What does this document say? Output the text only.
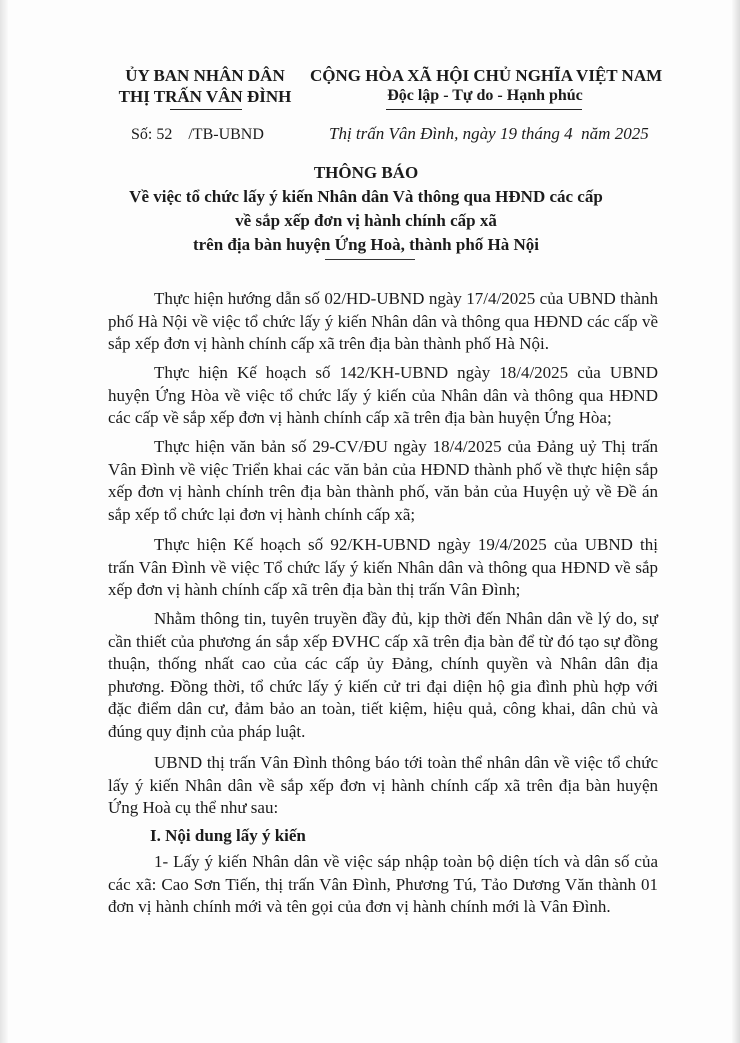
ỦY BAN NHÂN DÂN
THỊ TRẤN VÂN ĐÌNH
CỘNG HÒA XÃ HỘI CHỦ NGHĨA VIỆT NAM
Độc lập - Tự do - Hạnh phúc
Số: 52    /TB-UBND	Thị trấn Vân Đình, ngày 19 tháng 4  năm 2025
THÔNG BÁO
Về việc tổ chức lấy ý kiến Nhân dân Và thông qua HĐND các cấp
về sắp xếp đơn vị hành chính cấp xã
trên địa bàn huyện Ứng Hoà, thành phố Hà Nội

Thực hiện hướng dẫn số 02/HD-UBND ngày 17/4/2025 của UBND thành phố Hà Nội về việc tổ chức lấy ý kiến Nhân dân và thông qua HĐND các cấp về sắp xếp đơn vị hành chính cấp xã trên địa bàn thành phố Hà Nội.

Thực hiện Kế hoạch số 142/KH-UBND ngày 18/4/2025 của UBND huyện Ứng Hòa về việc tổ chức lấy ý kiến của Nhân dân và thông qua HĐND các cấp về sắp xếp đơn vị hành chính cấp xã trên địa bàn huyện Ứng Hòa;

Thực hiện văn bản số 29-CV/ĐU ngày 18/4/2025 của Đảng uỷ Thị trấn Vân Đình về việc Triển khai các văn bản của HĐND thành phố về thực hiện sắp xếp đơn vị hành chính trên địa bàn thành phố, văn bản của Huyện uỷ về Đề án sắp xếp tổ chức lại đơn vị hành chính cấp xã;

Thực hiện Kế hoạch số 92/KH-UBND ngày 19/4/2025 của UBND thị trấn Vân Đình về việc Tổ chức lấy ý kiến Nhân dân và thông qua HĐND về sắp xếp đơn vị hành chính cấp xã trên địa bàn thị trấn Vân Đình;

Nhằm thông tin, tuyên truyền đầy đủ, kịp thời đến Nhân dân về lý do, sự cần thiết của phương án sắp xếp ĐVHC cấp xã trên địa bàn để từ đó tạo sự đồng thuận, thống nhất cao của các cấp ủy Đảng, chính quyền và Nhân dân địa phương. Đồng thời, tổ chức lấy ý kiến cử tri đại diện hộ gia đình phù hợp với đặc điểm dân cư, đảm bảo an toàn, tiết kiệm, hiệu quả, công khai, dân chủ và đúng quy định của pháp luật.

UBND thị trấn Vân Đình thông báo tới toàn thể nhân dân về việc tổ chức lấy ý kiến Nhân dân về sắp xếp đơn vị hành chính cấp xã trên địa bàn huyện Ứng Hoà cụ thể như sau:

I. Nội dung lấy ý kiến

1- Lấy ý kiến Nhân dân về việc sáp nhập toàn bộ diện tích và dân số của các xã: Cao Sơn Tiến, thị trấn Vân Đình, Phương Tú, Tảo Dương Văn thành 01 đơn vị hành chính mới và tên gọi của đơn vị hành chính mới là Vân Đình.
